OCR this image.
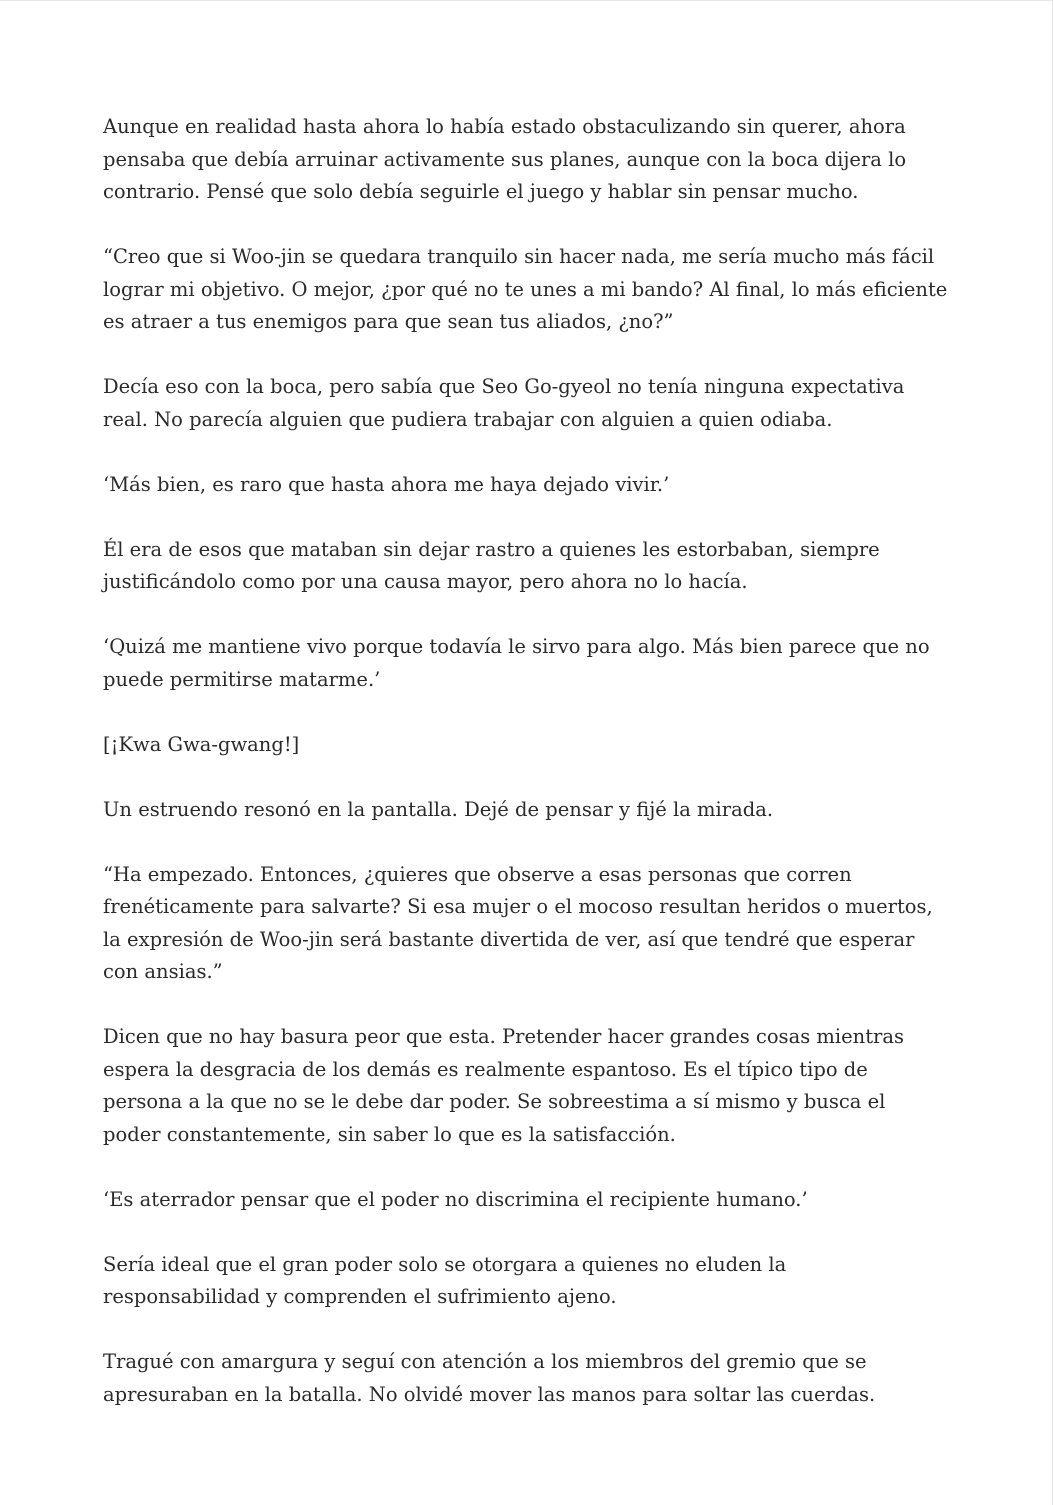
Aunque en realidad hasta ahora lo había estado obstaculizando sin querer, ahora pensaba que debía arruinar activamente sus planes, aunque con la boca dijera lo contrario. Pensé que solo debía seguirle el juego y hablar sin pensar mucho.

“Creo que si Woo-jin se quedara tranquilo sin hacer nada, me sería mucho más fácil lograr mi objetivo. O mejor, ¿por qué no te unes a mi bando? Al final, lo más eficiente es atraer a tus enemigos para que sean tus aliados, ¿no?”

Decía eso con la boca, pero sabía que Seo Go-gyeol no tenía ninguna expectativa real. No parecía alguien que pudiera trabajar con alguien a quien odiaba.

‘Más bien, es raro que hasta ahora me haya dejado vivir.’

Él era de esos que mataban sin dejar rastro a quienes les estorbaban, siempre justificándolo como por una causa mayor, pero ahora no lo hacía.

‘Quizá me mantiene vivo porque todavía le sirvo para algo. Más bien parece que no puede permitirse matarme.’

[¡Kwa Gwa-gwang!]

Un estruendo resonó en la pantalla. Dejé de pensar y fijé la mirada.

“Ha empezado. Entonces, ¿quieres que observe a esas personas que corren frenéticamente para salvarte? Si esa mujer o el mocoso resultan heridos o muertos, la expresión de Woo-jin será bastante divertida de ver, así que tendré que esperar con ansias.”

Dicen que no hay basura peor que esta. Pretender hacer grandes cosas mientras espera la desgracia de los demás es realmente espantoso. Es el típico tipo de persona a la que no se le debe dar poder. Se sobreestima a sí mismo y busca el poder constantemente, sin saber lo que es la satisfacción.

‘Es aterrador pensar que el poder no discrimina el recipiente humano.’

Sería ideal que el gran poder solo se otorgara a quienes no eluden la responsabilidad y comprenden el sufrimiento ajeno.

Tragué con amargura y seguí con atención a los miembros del gremio que se apresuraban en la batalla. No olvidé mover las manos para soltar las cuerdas.
